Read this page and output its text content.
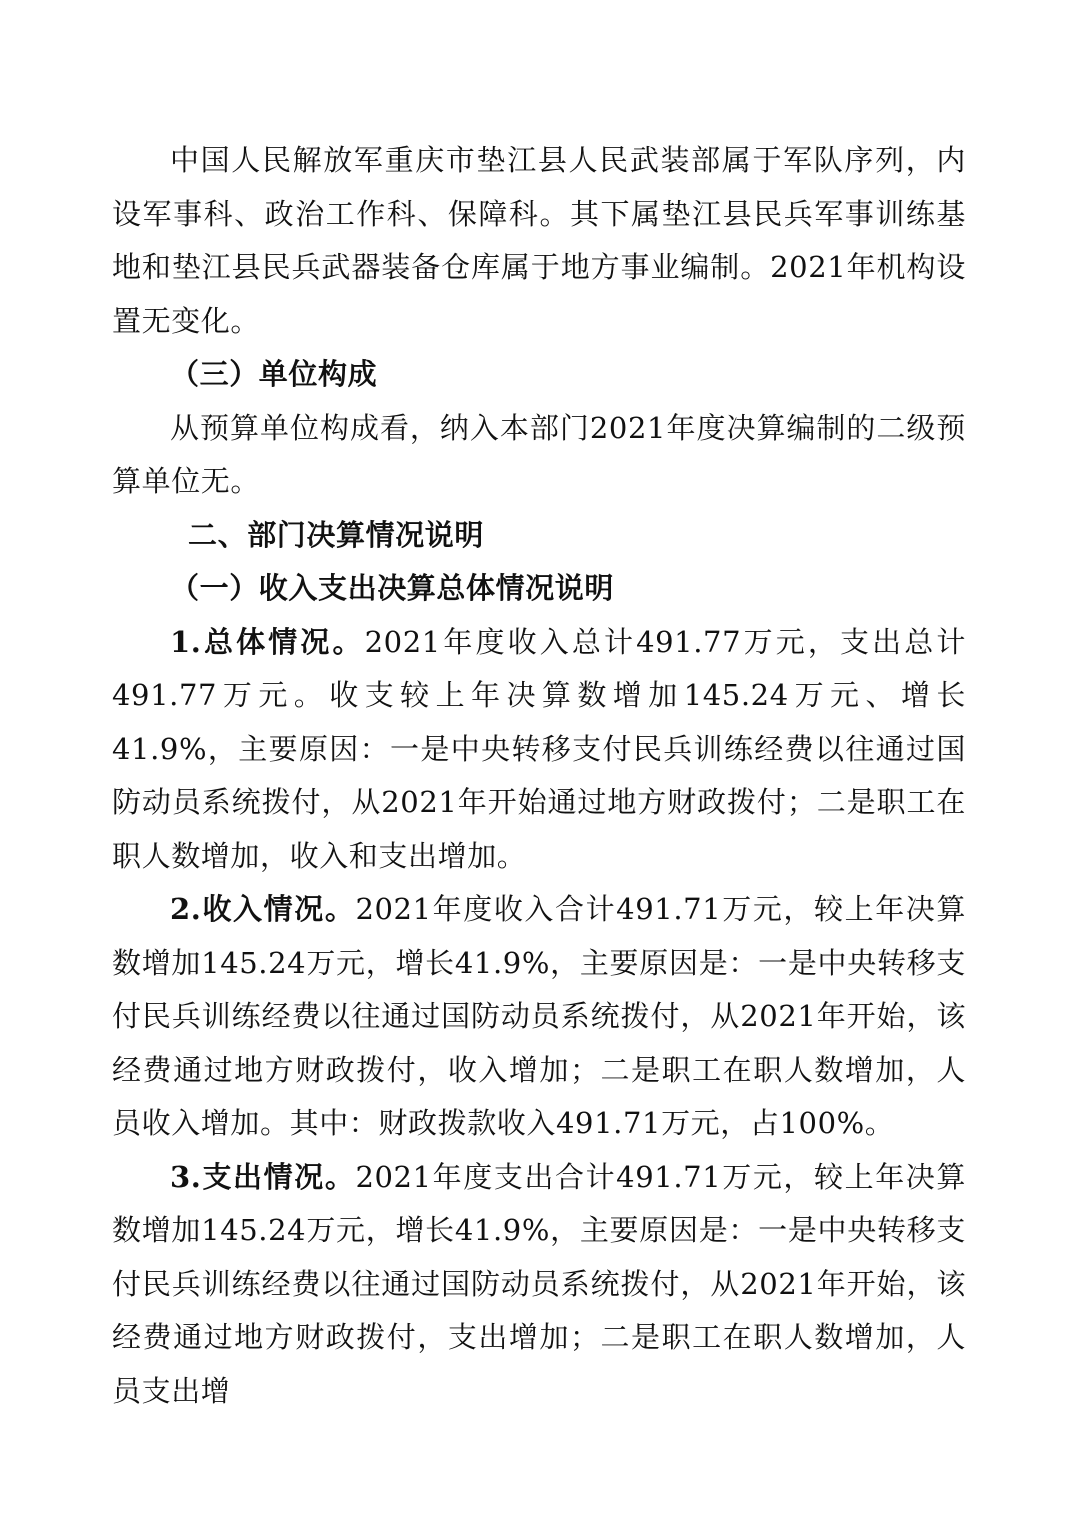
中国人民解放军重庆市垫江县人民武装部属于军队序列，内设军事科、政治工作科、保障科。其下属垫江县民兵军事训练基地和垫江县民兵武器装备仓库属于地方事业编制。2021年机构设置无变化。

（三）单位构成

从预算单位构成看，纳入本部门2021年度决算编制的二级预算单位无。

二、部门决算情况说明

（一）收入支出决算总体情况说明

1.总体情况。2021年度收入总计491.77万元，支出总计491.77万元。收支较上年决算数增加145.24万元、增长41.9%，主要原因：一是中央转移支付民兵训练经费以往通过国防动员系统拨付，从2021年开始通过地方财政拨付；二是职工在职人数增加，收入和支出增加。

2.收入情况。2021年度收入合计491.71万元，较上年决算数增加145.24万元，增长41.9%，主要原因是：一是中央转移支付民兵训练经费以往通过国防动员系统拨付，从2021年开始，该经费通过地方财政拨付，收入增加；二是职工在职人数增加，人员收入增加。其中：财政拨款收入491.71万元，占100%。

3.支出情况。2021年度支出合计491.71万元，较上年决算数增加145.24万元，增长41.9%，主要原因是：一是中央转移支付民兵训练经费以往通过国防动员系统拨付，从2021年开始，该经费通过地方财政拨付，支出增加；二是职工在职人数增加，人员支出增
